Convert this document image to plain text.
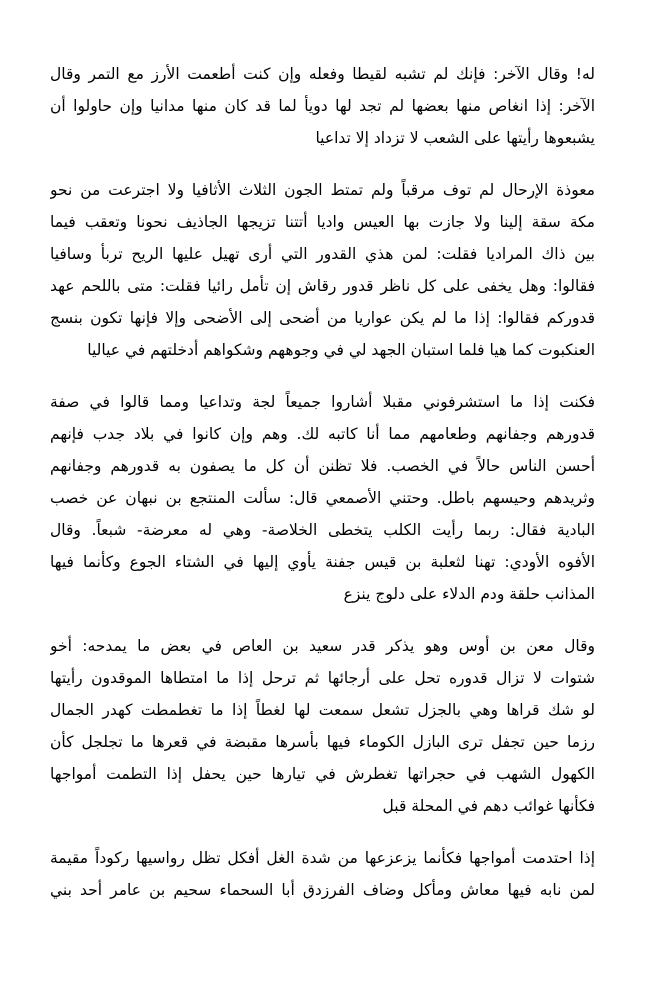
له! وقال الآخر: فإنك لم تشبه لقيطا وفعله وإن كنت أطعمت الأرز مع التمر وقال
الآخر: إذا انغاص منها بعضها لم تجد لها دويأ لما قد كان منها مدانيا وإن حاولوا أن
يشبعوها رأيتها على الشعب لا تزداد إلا تداعيا
معوذة الإرحال لم توف مرقباً ولم تمتط الجون الثلاث الأثافيا ولا اجترعت من نحو
مكة سقة إلينا ولا جازت بها العيس واديا أتتنا تزيجها الجاذيف نحونا وتعقب فيما
بين ذاك المراديا فقلت: لمن هذي القدور التي أرى تهيل عليها الريح تربأ وسافيا
فقالوا: وهل يخفى على كل ناظر قدور رقاش إن تأمل رائيا فقلت: متى باللحم عهد
قدوركم فقالوا: إذا ما لم يكن عواريا من أضحى إلى الأضحى وإلا فإنها تكون بنسج
العنكبوت كما هيا فلما استبان الجهد لي في وجوههم وشكواهم أدخلتهم في عياليا
فكنت إذا ما استشرفوني مقبلا أشاروا جميعاً لجة وتداعيا ومما قالوا في صفة
قدورهم وجفانهم وطعامهم مما أنا كاتبه لك. وهم وإن كانوا في بلاد جدب فإنهم
أحسن الناس حالاً في الخصب. فلا تظنن أن كل ما يصفون به قدورهم وجفانهم
وثريدهم وحيسهم باطل. وحتني الأصمعي قال: سألت المنتجع بن نبهان عن خصب
البادية فقال: ربما رأيت الكلب يتخطى الخلاصة- وهي له معرضة- شبعاً. وقال
الأفوه الأودي: تهنا لثعلبة بن قيس جفنة يأوي إليها في الشتاء الجوع وكأنما فيها
المذانب حلقة ودم الدلاء على دلوج ينزع
وقال معن بن أوس وهو يذكر قدر سعيد بن العاص في بعض ما يمدحه: أخو
شتوات لا تزال قدوره تحل على أرجائها ثم ترحل إذا ما امتطاها الموقدون رأيتها
لو شك قراها وهي بالجزل تشعل سمعت لها لغطاً إذا ما تغطمطت كهدر الجمال
رزما حين تجفل ترى البازل الكوماء فيها بأسرها مقبضة في قعرها ما تجلجل كأن
الكهول الشهب في حجراتها تغطرش في تيارها حين يحفل إذا التطمت أمواجها
فكأنها غوائب دهم في المحلة قبل
إذا احتدمت أمواجها فكأنما يزعزعها من شدة الغل أفكل تظل رواسيها ركوداً مقيمة
لمن نابه فيها معاش ومأكل وضاف الفرزدق أبا السحماء سحيم بن عامر أحد بني
